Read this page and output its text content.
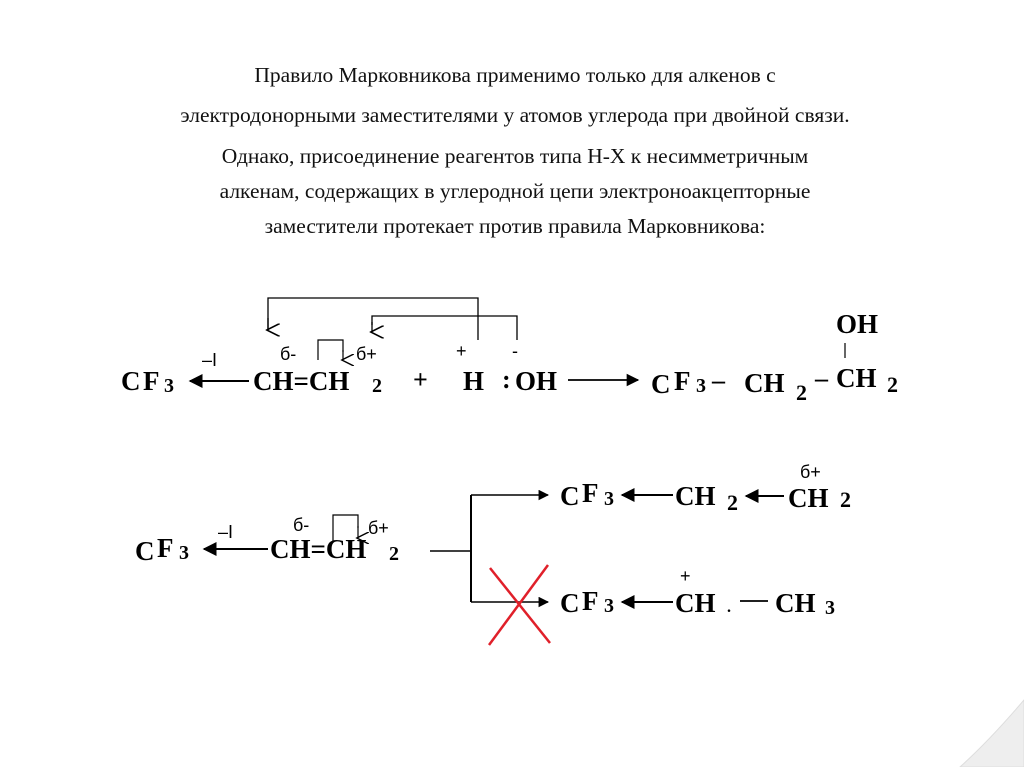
Правило Марковникова применимо только для алкенов с
электродонорными заместителями у атомов углерода при двойной связи.
Однако, присоединение реагентов типа H-X к несимметричным
алкенам, содержащих в углеродной цепи электроноакцепторные
заместители протекает против правила Марковникова:
C F 3
–I
CH=CH 2
б-	б+
+ H : OH
+	-
C F 3 – CH 2 – CH 2
OH
C F 3
–I
CH=CH 2
б-	б+
C F 3 CH 2
б+
CH 2
C F 3
+
CH . CH 3
